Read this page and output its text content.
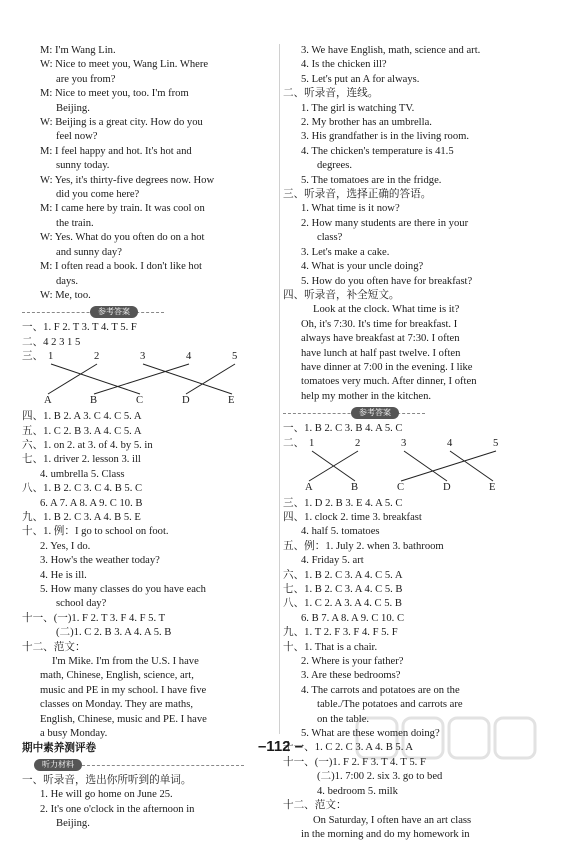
M: I'm Wang Lin.
W: Nice to meet you, Wang Lin. Where
are you from?
M: Nice to meet you, too. I'm from
Beijing.
W: Beijing is a great city. How do you
feel now?
M: I feel happy and hot. It's hot and
sunny today.
W: Yes, it's thirty-five degrees now. How
did you come here?
M: I came here by train. It was cool on
the train.
W: Yes. What do you often do on a hot
and sunny day?
M: I often read a book. I don't like hot
days.
W: Me, too.
参考答案
一、1. F 2. T 3. T 4. T 5. F
二、4 2 3 1 5
三、 1	2	3	4	5
A	B	C	D	E
四、1. B 2. A 3. C 4. C 5. A
五、1. C 2. B 3. A 4. C 5. A
六、1. on 2. at 3. of 4. by 5. in
七、1. driver 2. lesson 3. ill
4. umbrella 5. Class
八、1. B 2. C 3. C 4. B 5. C
6. A 7. A 8. A 9. C 10. B
九、1. B 2. C 3. A 4. B 5. E
十、1. 例：I go to school on foot.
2. Yes, I do.
3. How's the weather today?
4. He is ill.
5. How many classes do you have each
school day?
十一、(一)1. F 2. T 3. F 4. F 5. T
(二)1. C 2. B 3. A 4. A 5. B
十二、范文：
I'm Mike. I'm from the U.S. I have
math, Chinese, English, science, art,
music and PE in my school. I have five
classes on Monday. They are maths,
English, Chinese, music and PE. I have
a busy Monday.
期中素养测评卷
听力材料
一、听录音，选出你所听到的单词。
1. He will go home on June 25.
2. It's one o'clock in the afternoon in
Beijing.
3. We have English, math, science and art.
4. Is the chicken ill?
5. Let's put an A for always.
二、听录音，连线。
1. The girl is watching TV.
2. My brother has an umbrella.
3. His grandfather is in the living room.
4. The chicken's temperature is 41.5
degrees.
5. The tomatoes are in the fridge.
三、听录音，选择正确的答语。
1. What time is it now?
2. How many students are there in your
class?
3. Let's make a cake.
4. What is your uncle doing?
5. How do you often have for breakfast?
四、听录音，补全短文。
Look at the clock. What time is it?
Oh, it's 7:30. It's time for breakfast. I
always have breakfast at 7:30. I often
have lunch at half past twelve. I often
have dinner at 7:00 in the evening. I like
tomatoes very much. After dinner, I often
help my mother in the kitchen.
参考答案
一、1. B 2. C 3. B 4. A 5. C
二、 1	2	3	4	5
A	B	C	D	E
三、1. D 2. B 3. E 4. A 5. C
四、1. clock 2. time 3. breakfast
4. half 5. tomatoes
五、例：1. July 2. when 3. bathroom
4. Friday 5. art
六、1. B 2. C 3. A 4. C 5. A
七、1. B 2. C 3. A 4. C 5. B
八、1. C 2. A 3. A 4. C 5. B
6. B 7. A 8. A 9. C 10. C
九、1. T 2. F 3. F 4. F 5. F
十、1. That is a chair.
2. Where is your father?
3. Are these bedrooms?
4. The carrots and potatoes are on the
table./The potatoes and carrots are
on the table.
5. What are these women doing?
十一、1. C 2. C 3. A 4. B 5. A
十一、(一)1. F 2. F 3. T 4. T 5. F
(二)1. 7:00 2. six 3. go to bed
4. bedroom 5. milk
十二、范文：
On Saturday, I often have an art class
in the morning and do my homework in
–112 –
